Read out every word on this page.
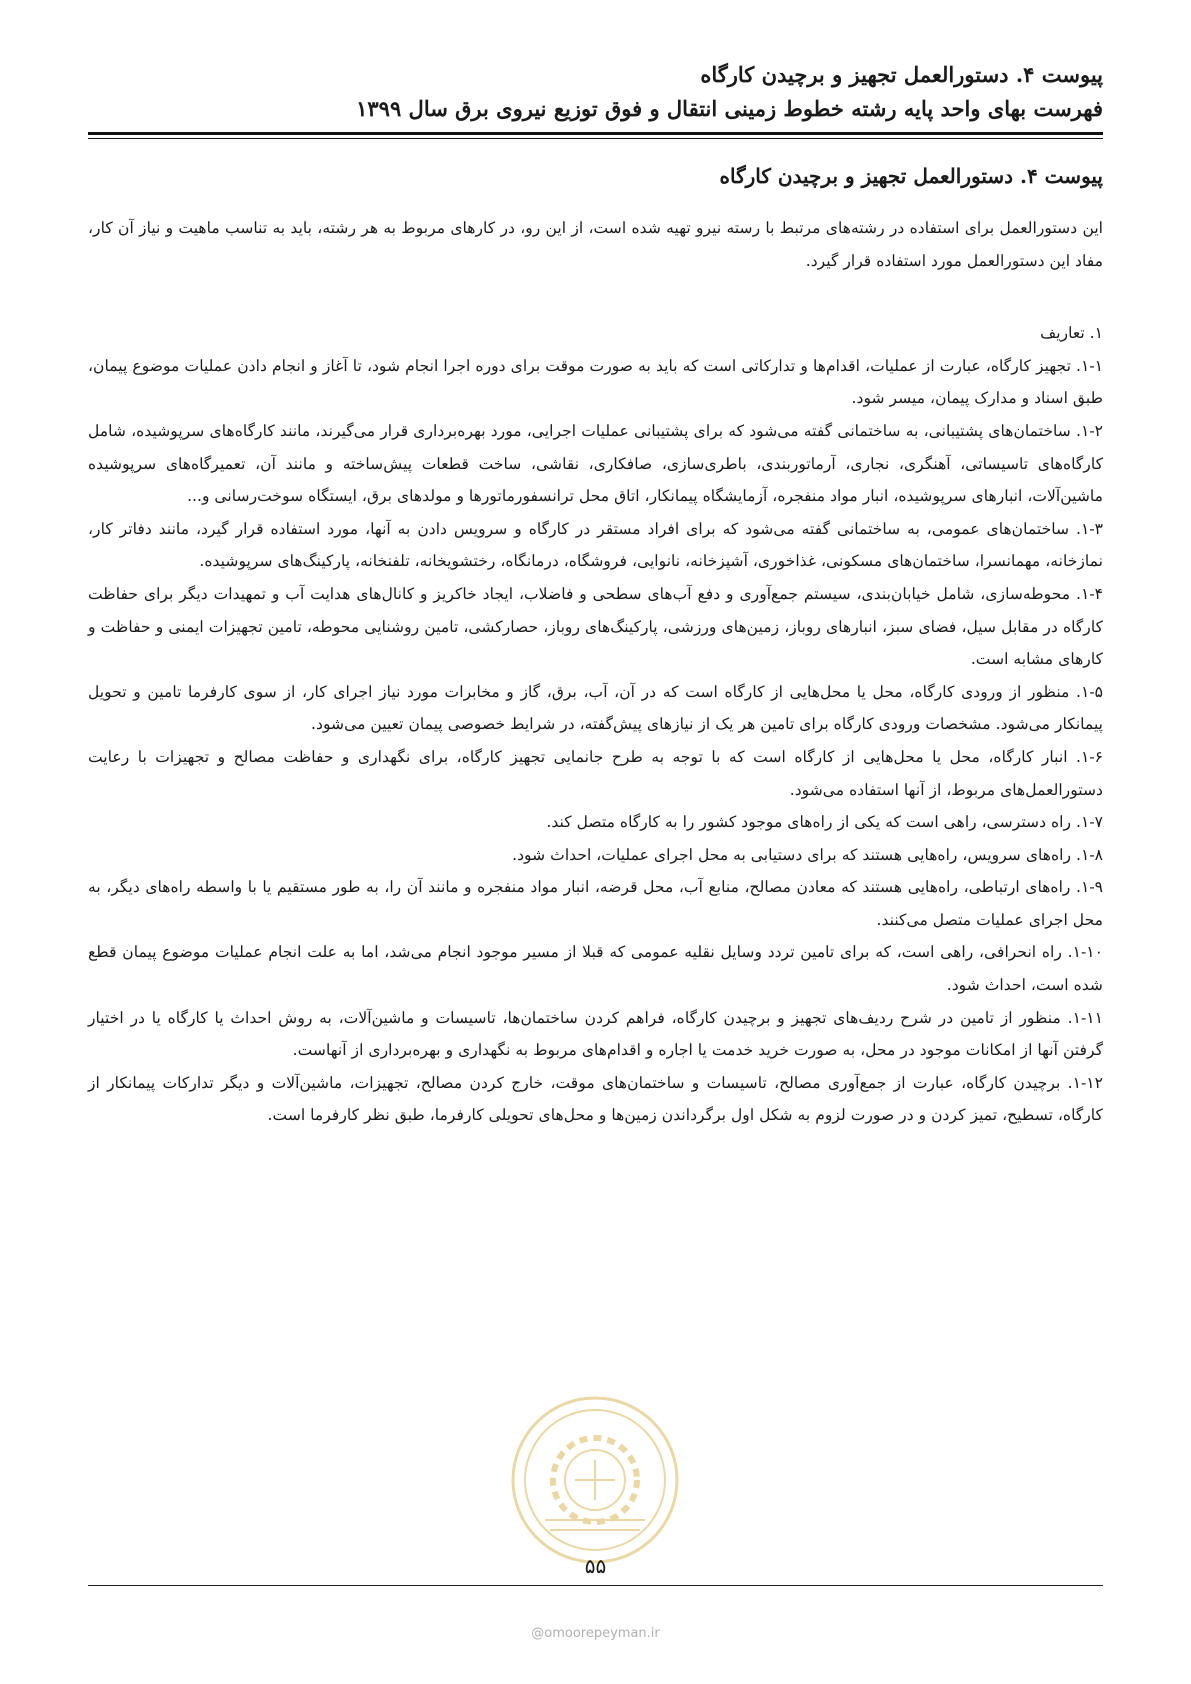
پیوست ۴. دستورالعمل تجهیز و برچیدن کارگاه
فهرست بهای واحد پایه رشته خطوط زمینی انتقال و فوق توزیع نیروی برق سال ۱۳۹۹
پیوست ۴. دستورالعمل تجهیز و برچیدن کارگاه

این دستورالعمل برای استفاده در رشته‌های مرتبط با رسته نیرو تهیه شده است، از این رو، در کارهای مربوط به هر رشته، باید به تناسب ماهیت و نیاز آن کار، مفاد این دستورالعمل مورد استفاده قرار گیرد.

۱. تعاریف

۱-۱. تجهیز کارگاه، عبارت از عملیات، اقدام‌ها و تدارکاتی است که باید به صورت موقت برای دوره اجرا انجام شود، تا آغاز و انجام دادن عملیات موضوع پیمان، طبق اسناد و مدارک پیمان، میسر شود.

۱-۲. ساختمان‌های پشتیبانی، به ساختمانی گفته می‌شود که برای پشتیبانی عملیات اجرایی، مورد بهره‌برداری قرار می‌گیرند، مانند کارگاه‌های سرپوشیده، شامل کارگاه‌های تاسیساتی، آهنگری، نجاری، آرماتوربندی، باطری‌سازی، صافکاری، نقاشی، ساخت قطعات پیش‌ساخته و مانند آن، تعمیرگاه‌های سرپوشیده ماشین‌آلات، انبارهای سرپوشیده، انبار مواد منفجره، آزمایشگاه پیمانکار، اتاق محل ترانسفورماتورها و مولدهای برق، ایستگاه سوخت‌رسانی و...

۱-۳. ساختمان‌های عمومی، به ساختمانی گفته می‌شود که برای افراد مستقر در کارگاه و سرویس دادن به آنها، مورد استفاده قرار گیرد، مانند دفاتر کار، نمازخانه، مهمانسرا، ساختمان‌های مسکونی، غذاخوری، آشپزخانه، نانوایی، فروشگاه، درمانگاه، رختشویخانه، تلفنخانه، پارکینگ‌های سرپوشیده.

۱-۴. محوطه‌سازی، شامل خیابان‌بندی، سیستم جمع‌آوری و دفع آب‌های سطحی و فاضلاب، ایجاد خاکریز و کانال‌های هدایت آب و تمهیدات دیگر برای حفاظت کارگاه در مقابل سیل، فضای سبز، انبارهای روباز، زمین‌های ورزشی، پارکینگ‌های روباز، حصارکشی، تامین روشنایی محوطه، تامین تجهیزات ایمنی و حفاظت و کارهای مشابه است.

۱-۵. منظور از ورودی کارگاه، محل یا محل‌هایی از کارگاه است که در آن، آب، برق، گاز و مخابرات مورد نیاز اجرای کار، از سوی کارفرما تامین و تحویل پیمانکار می‌شود. مشخصات ورودی کارگاه برای تامین هر یک از نیازهای پیش‌گفته، در شرایط خصوصی پیمان تعیین می‌شود.

۱-۶. انبار کارگاه، محل یا محل‌هایی از کارگاه است که با توجه به طرح جانمایی تجهیز کارگاه، برای نگهداری و حفاظت مصالح و تجهیزات با رعایت دستورالعمل‌های مربوط، از آنها استفاده می‌شود.

۱-۷. راه دسترسی، راهی است که یکی از راه‌های موجود کشور را به کارگاه متصل کند.

۱-۸. راه‌های سرویس، راه‌هایی هستند که برای دستیابی به محل اجرای عملیات، احداث شود.

۱-۹. راه‌های ارتباطی، راه‌هایی هستند که معادن مصالح، منابع آب، محل قرضه، انبار مواد منفجره و مانند آن را، به طور مستقیم یا با واسطه راه‌های دیگر، به محل اجرای عملیات متصل می‌کنند.

۱-۱۰. راه انحرافی، راهی است، که برای تامین تردد وسایل نقلیه عمومی که قبلا از مسیر موجود انجام می‌شد، اما به علت انجام عملیات موضوع پیمان قطع شده است، احداث شود.

۱-۱۱. منظور از تامین در شرح ردیف‌های تجهیز و برچیدن کارگاه، فراهم کردن ساختمان‌ها، تاسیسات و ماشین‌آلات، به روش احداث یا کارگاه یا در اختیار گرفتن آنها از امکانات موجود در محل، به صورت خرید خدمت یا اجاره و اقدام‌های مربوط به نگهداری و بهره‌برداری از آنهاست.

۱-۱۲. برچیدن کارگاه، عبارت از جمع‌آوری مصالح، تاسیسات و ساختمان‌های موقت، خارج کردن مصالح، تجهیزات، ماشین‌آلات و دیگر تدارکات پیمانکار از کارگاه، تسطیح، تمیز کردن و در صورت لزوم به شکل اول برگرداندن زمین‌ها و محل‌های تحویلی کارفرما، طبق نظر کارفرما است.

۵۵
@omoorepeyman.ir
